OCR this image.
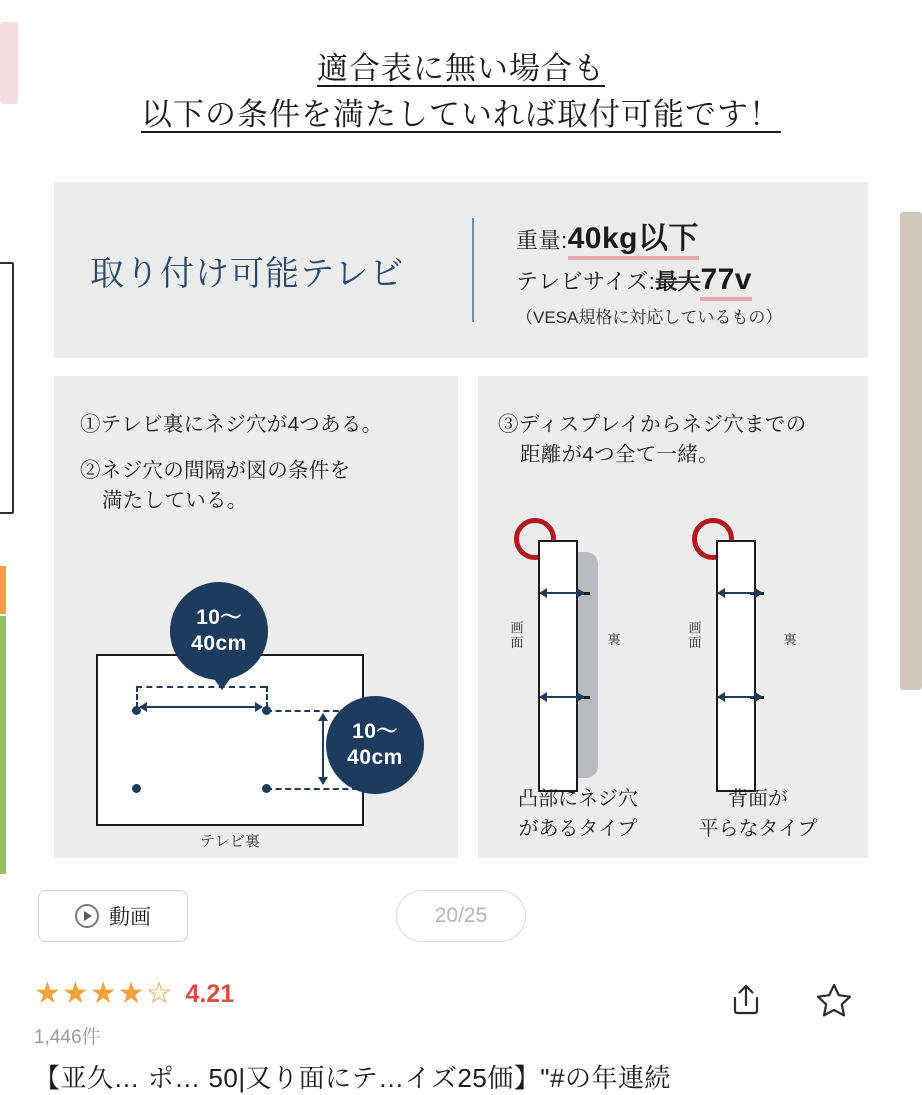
適合表に無い場合も
以下の条件を満たしていれば取付可能です！
取り付け可能テレビ
重量:40kg以下
テレビサイズ:最大77v
（VESA規格に対応しているもの）
①テレビ裏にネジ穴が4つある。
②ネジ穴の間隔が図の条件を
満たしている。
10～
40cm
10～
40cm
テレビ裏
③ディスプレイからネジ穴までの
距離が4つ全て一緒。
画面	裏
凸部にネジ穴
があるタイプ
画面	裏
背面が
平らなタイプ
動画	20/25
★★★★☆ 4.21
1,446件
【亚久… ポ… 50|又り面にテ…イズ25価】"#の年連続
